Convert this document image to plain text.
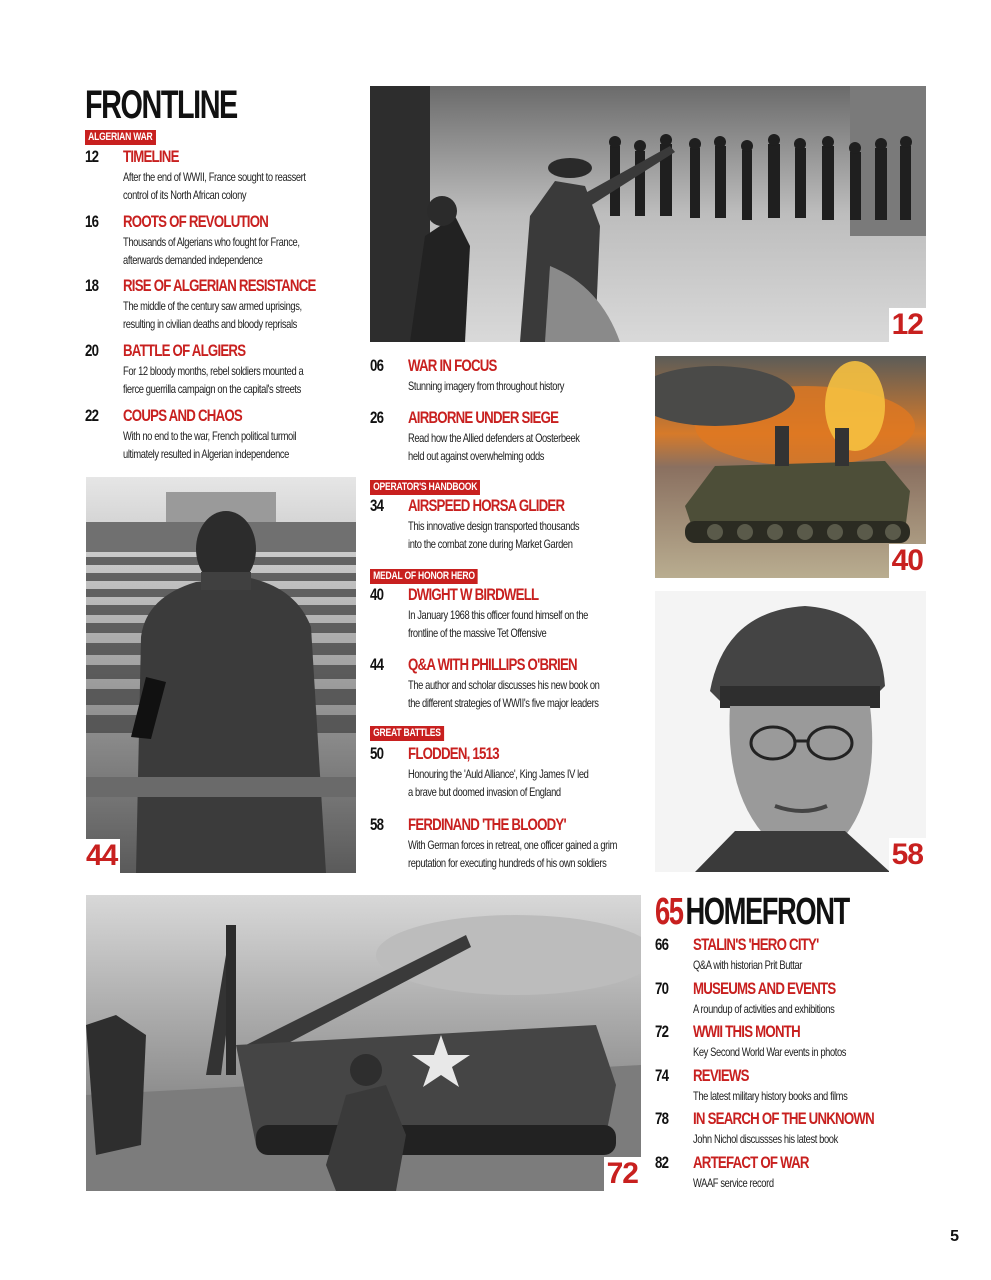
FRONTLINE
ALGERIAN WAR
12 TIMELINE
After the end of WWII, France sought to reassert
control of its North African colony
16 ROOTS OF REVOLUTION
Thousands of Algerians who fought for France,
afterwards demanded independence
18 RISE OF ALGERIAN RESISTANCE
The middle of the century saw armed uprisings,
resulting in civilian deaths and bloody reprisals
20 BATTLE OF ALGIERS
For 12 bloody months, rebel soldiers mounted a
fierce guerrilla campaign on the capital's streets
22 COUPS AND CHAOS
With no end to the war, French political turmoil
ultimately resulted in Algerian independence
12
06 WAR IN FOCUS
Stunning imagery from throughout history
26 AIRBORNE UNDER SIEGE
Read how the Allied defenders at Oosterbeek
held out against overwhelming odds
OPERATOR'S HANDBOOK
34 AIRSPEED HORSA GLIDER
This innovative design transported thousands
into the combat zone during Market Garden
MEDAL OF HONOR HERO
40 DWIGHT W BIRDWELL
In January 1968 this officer found himself on the
frontline of the massive Tet Offensive
44 Q&A WITH PHILLIPS O'BRIEN
The author and scholar discusses his new book on
the different strategies of WWII's five major leaders
GREAT BATTLES
50 FLODDEN, 1513
Honouring the 'Auld Alliance', King James IV led
a brave but doomed invasion of England
58 FERDINAND 'THE BLOODY'
With German forces in retreat, one officer gained a grim
reputation for executing hundreds of his own soldiers
44
40
58
72
65HOMEFRONT
66 STALIN'S 'HERO CITY'
Q&A with historian Prit Buttar
70 MUSEUMS AND EVENTS
A roundup of activities and exhibitions
72 WWII THIS MONTH
Key Second World War events in photos
74 REVIEWS
The latest military history books and films
78 IN SEARCH OF THE UNKNOWN
John Nichol discussses his latest book
82 ARTEFACT OF WAR
WAAF service record
5
